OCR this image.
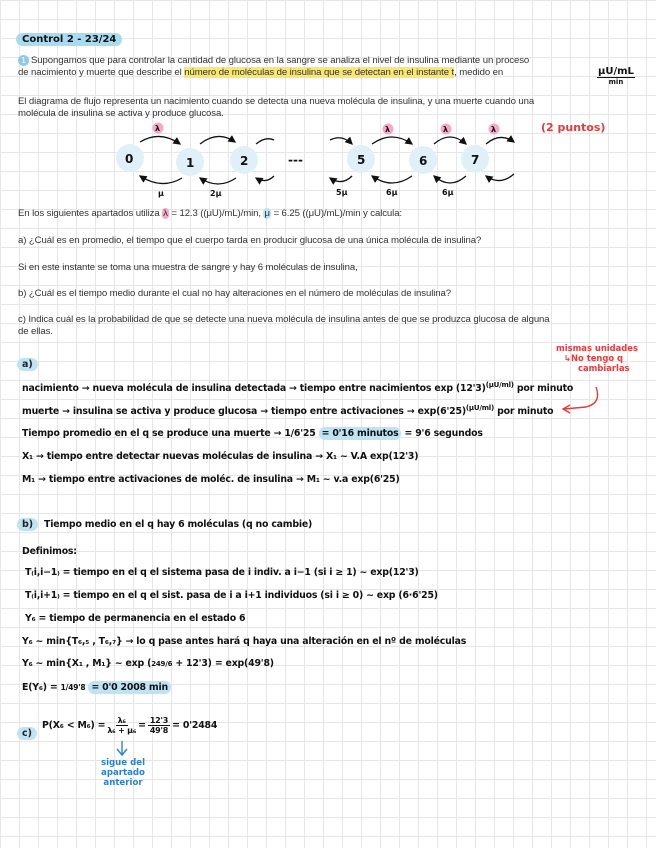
Control 2 - 23/24
1 Supongamos que para controlar la cantidad de glucosa en la sangre se analiza el nivel de insulina mediante un proceso
de nacimiento y muerte que describe el número de moléculas de insulina que se detectan en el instante t, medido en	μU/mL
min
El diagrama de flujo representa un nacimiento cuando se detecta una nueva molécula de insulina, y una muerte cuando una
molécula de insulina se activa y produce glucosa.
0	1	2	5	6	7
---
λ	λ	λ	λ
μ	2μ	5μ	6μ	6μ
(2 puntos)
En los siguientes apartados utiliza λ = 12.3 ((μU)/mL)/min, μ = 6.25 ((μU)/mL)/min y calcula:
a) ¿Cuál es en promedio, el tiempo que el cuerpo tarda en producir glucosa de una única molécula de insulina?
Si en este instante se toma una muestra de sangre y hay 6 moléculas de insulina,
b) ¿Cuál es el tiempo medio durante el cual no hay alteraciones en el número de moléculas de insulina?
c) Indica cuál es la probabilidad de que se detecte una nueva molécula de insulina antes de que se produzca glucosa de alguna
de ellas.
mismas unidades
↳No tengo q
cambiarlas
a)
nacimiento → nueva molécula de insulina detectada → tiempo entre nacimientos $\exp (12'3)^{(\mu U/ml)}$ por minuto
muerte → insulina se activa y produce glucosa → tiempo entre activaciones → $\exp(6'25)^{(\mu U/ml)}$ por minuto
Tiempo promedio en el q se produce una muerte → 1/6'25 = 0'16 minutos = 9'6 segundos
X₁ → tiempo entre detectar nuevas moléculas de insulina → X₁ ~ V.A exp(12'3)
M₁ → tiempo entre activaciones de moléc. de insulina → M₁ ~ v.a exp(6'25)
b)	Tiempo medio en el q hay 6 moléculas (q no cambie)
Definimos:
T₍i,i−1₎ = tiempo en el q el sistema pasa de i indiv. a i−1 (si i ≥ 1) ~ exp(12'3)
T₍i,i+1₎ = tiempo en el q el sist. pasa de i a i+1 individuos (si i ≥ 0) ~ exp (6·6'25)
Y₆ = tiempo de permanencia en el estado 6
Y₆ ~ min{T₆,₅ , T₆,₇} → lo q pase antes hará q haya una alteración en el nº de moléculas
Y₆ ~ min{X₁ , M₁} ~ exp (249/6 + 12'3) = exp(49'8)
E(Y₆) = 1/49'8 = 0'0 2008 min
c)
$P(X_6 < M_6) = \frac{\text{λ₆}}{\text{λ₆ + μ₆}} = \frac{12'3}{49'8} = 0'2484$
sigue del
apartado
anterior
